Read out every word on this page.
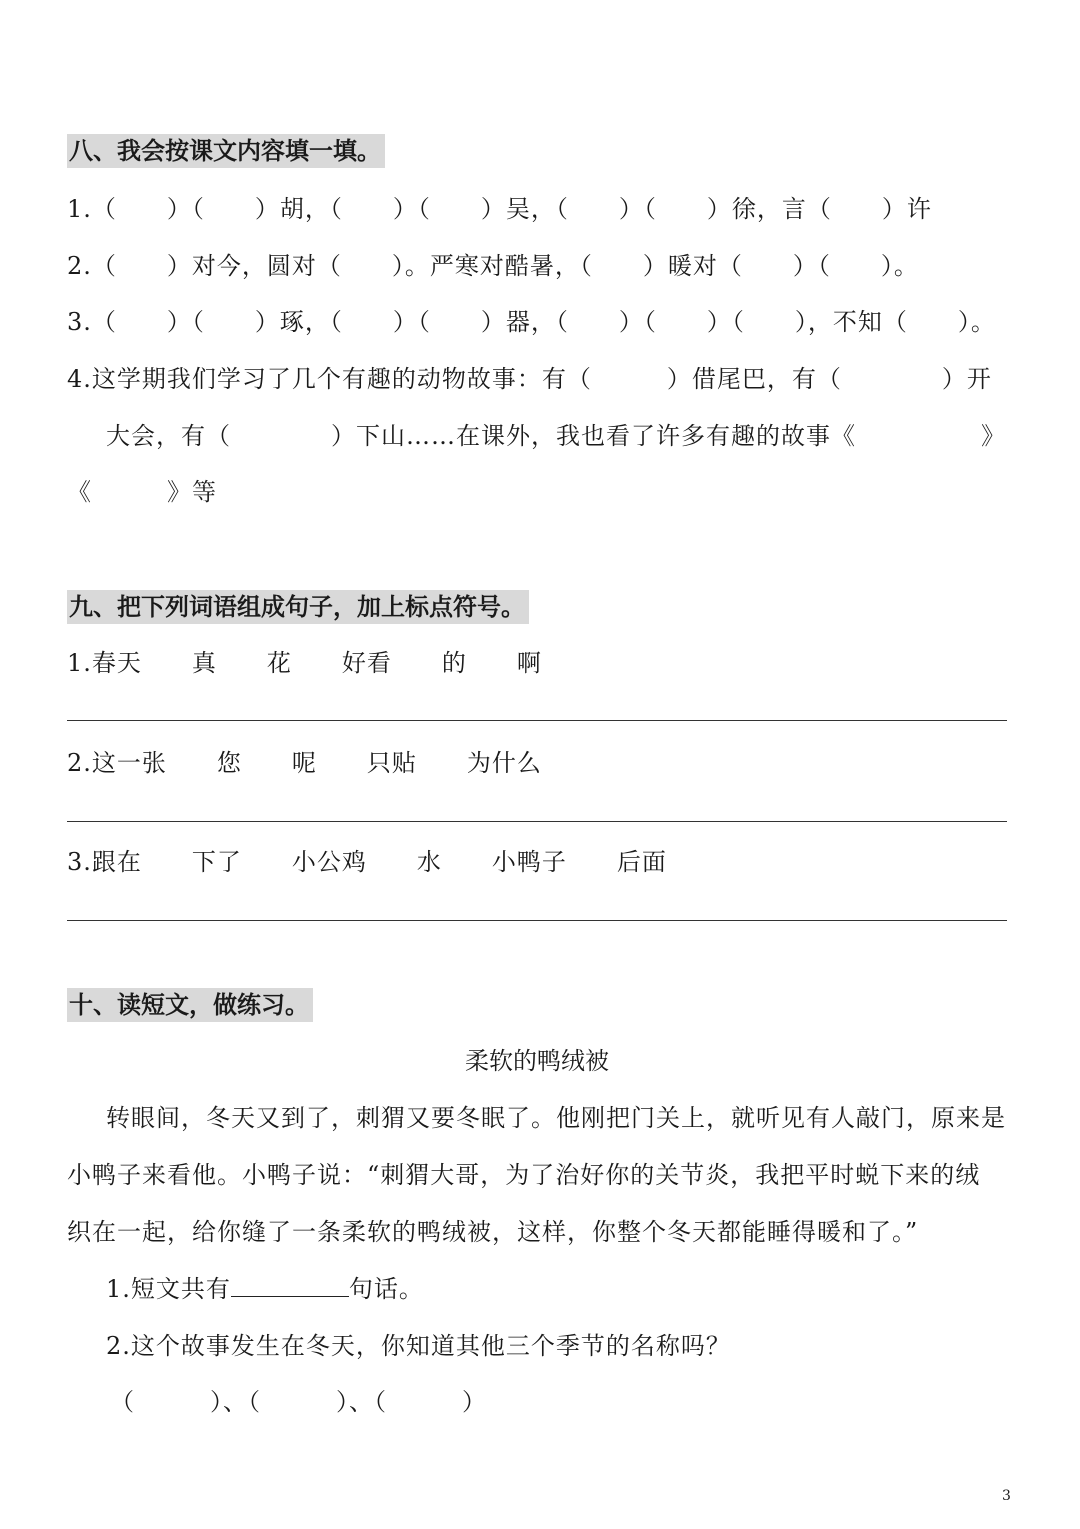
八、我会按课文内容填一填。
1.（　　）（　　）胡，（　　）（　　）吴，（　　）（　　）徐，言（　　）许
2.（　　）对今，圆对（　　）。严寒对酷暑，（　　）暖对（　　）（　　）。
3.（　　）（　　）琢，（　　）（　　）器，（　　）（　　）（　　），不知（　　）。
4.这学期我们学习了几个有趣的动物故事：有（　　　）借尾巴，有（　　　　）开
大会，有（　　　　）下山……在课外，我也看了许多有趣的故事《　　　　　》
《　　　》等
九、把下列词语组成句子，加上标点符号。
1.春天　　真　　花　　好看　　的　　啊
2.这一张　　您　　呢　　只贴　　为什么
3.跟在　　下了　　小公鸡　　水　　小鸭子　　后面
十、读短文，做练习。
柔软的鸭绒被
转眼间，冬天又到了，刺猬又要冬眠了。他刚把门关上，就听见有人敲门，原来是
小鸭子来看他。小鸭子说：“刺猬大哥，为了治好你的关节炎，我把平时蜕下来的绒
织在一起，给你缝了一条柔软的鸭绒被，这样，你整个冬天都能睡得暖和了。”
1.短文共有	句话。
2.这个故事发生在冬天，你知道其他三个季节的名称吗？
（　　　）、（　　　）、（　　　）
3
